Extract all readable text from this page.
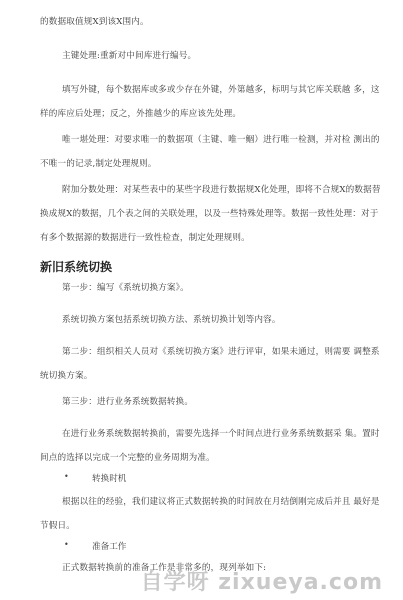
的数据取值规X到该X围内。
主键处理:重新对中间库进行编号。
填写外键，每个数据库或多或少存在外键，外第越多，标明与其它库关联越 多，这样的库应后处理；反之，外推越少的库应该先处理。
唯一堪处理：对要求唯一的数据项（主键、唯一鲴）进行唯一检测，并对检 测出的不唯一的记录,制定处理规则。
附加分数处理：对某些表中的某些字段进行数据规X化处理，即将不合规X的数据替换成规X的数据，几个表之间的关联处理，以及一些特殊处理等。数据一致性处理：对于有多个数据源的数据进行一致性检查，制定处理规则。
新旧系统切换
第一步：编写《系统切换方案》。
系统切换方案包括系统切换方法、系统切换计划等内容。
第二步：组织相关人员对《系统切换方案》进行评审，如果未通过，则需要 调整系统切换方案。
第三步：进行业务系统数据转换。
在进行业务系统数据转换前，需要先选择一个时间点进行业务系统数据采 集。置时间点的选择以完成一个完整的业务周期为准。
•	转换时机
根据以往的经验，我们建议将正式数据转换的时间放在月结倒刚完成后并且 最好是节假日。
•	准备工作
正式数据转换前的准备工作是非常多的，现列举如下:
自学呀 zixueya.com
